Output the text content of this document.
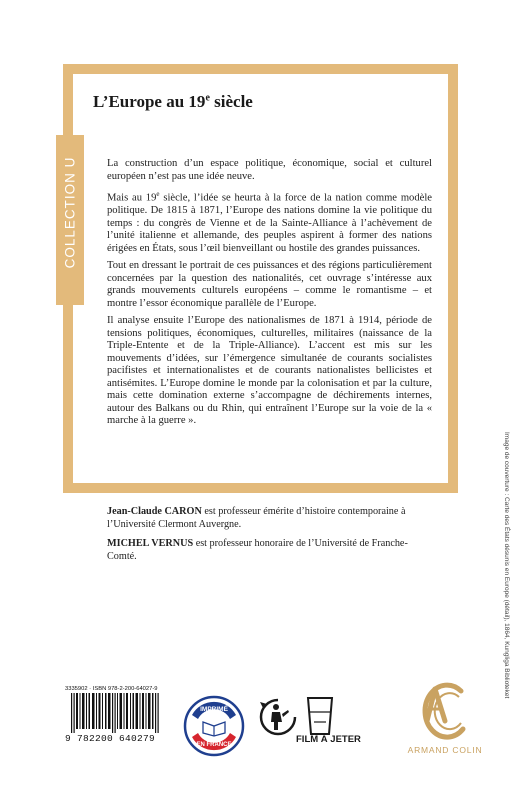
L’Europe au 19e siècle
COLLECTION U	La construction d’un espace politique, économique, social et culturel européen n’est pas une idée neuve.

Mais au 19e siècle, l’idée se heurta à la force de la nation comme modèle politique. De 1815 à 1871, l’Europe des nations domine la vie politique du temps : du congrès de Vienne et de la Sainte-Alliance à l’achèvement de l’unité italienne et allemande, des peuples aspirent à former des nations érigées en États, sous l’œil bienveillant ou hostile des grandes puissances.

Tout en dressant le portrait de ces puissances et des régions particulièrement concernées par la question des nationalités, cet ouvrage s’intéresse aux grands mouvements culturels européens – comme le romantisme – et montre l’essor économique parallèle de l’Europe.

Il analyse ensuite l’Europe des nationalismes de 1871 à 1914, période de tensions politiques, économiques, culturelles, militaires (naissance de la Triple-Entente et de la Triple-Alliance). L’accent est mis sur les mouvements d’idées, sur l’émergence simultanée de courants socialistes pacifistes et internationalistes et de courants nationalistes bellicistes et antisémites. L’Europe domine le monde par la colonisation et par la culture, mais cette domination externe s’accompagne de déchirements internes, autour des Balkans ou du Rhin, qui entraînent l’Europe sur la voie de la « marche à la guerre ».

Jean-Claude CARON est professeur émérite d’histoire contemporaine à l’Université Clermont Auvergne.

MICHEL VERNUS est professeur honoraire de l’Université de Franche-Comté.	Image de couverture : Carte des États désunis en Europe (détail), 1864, Kungliga Biblioteket
3335902 · ISBN 978-2-200-64027-9
9 782200 640279
IMPRIMÉ
EN FRANCE	FILM À JETER
ARMAND COLIN
